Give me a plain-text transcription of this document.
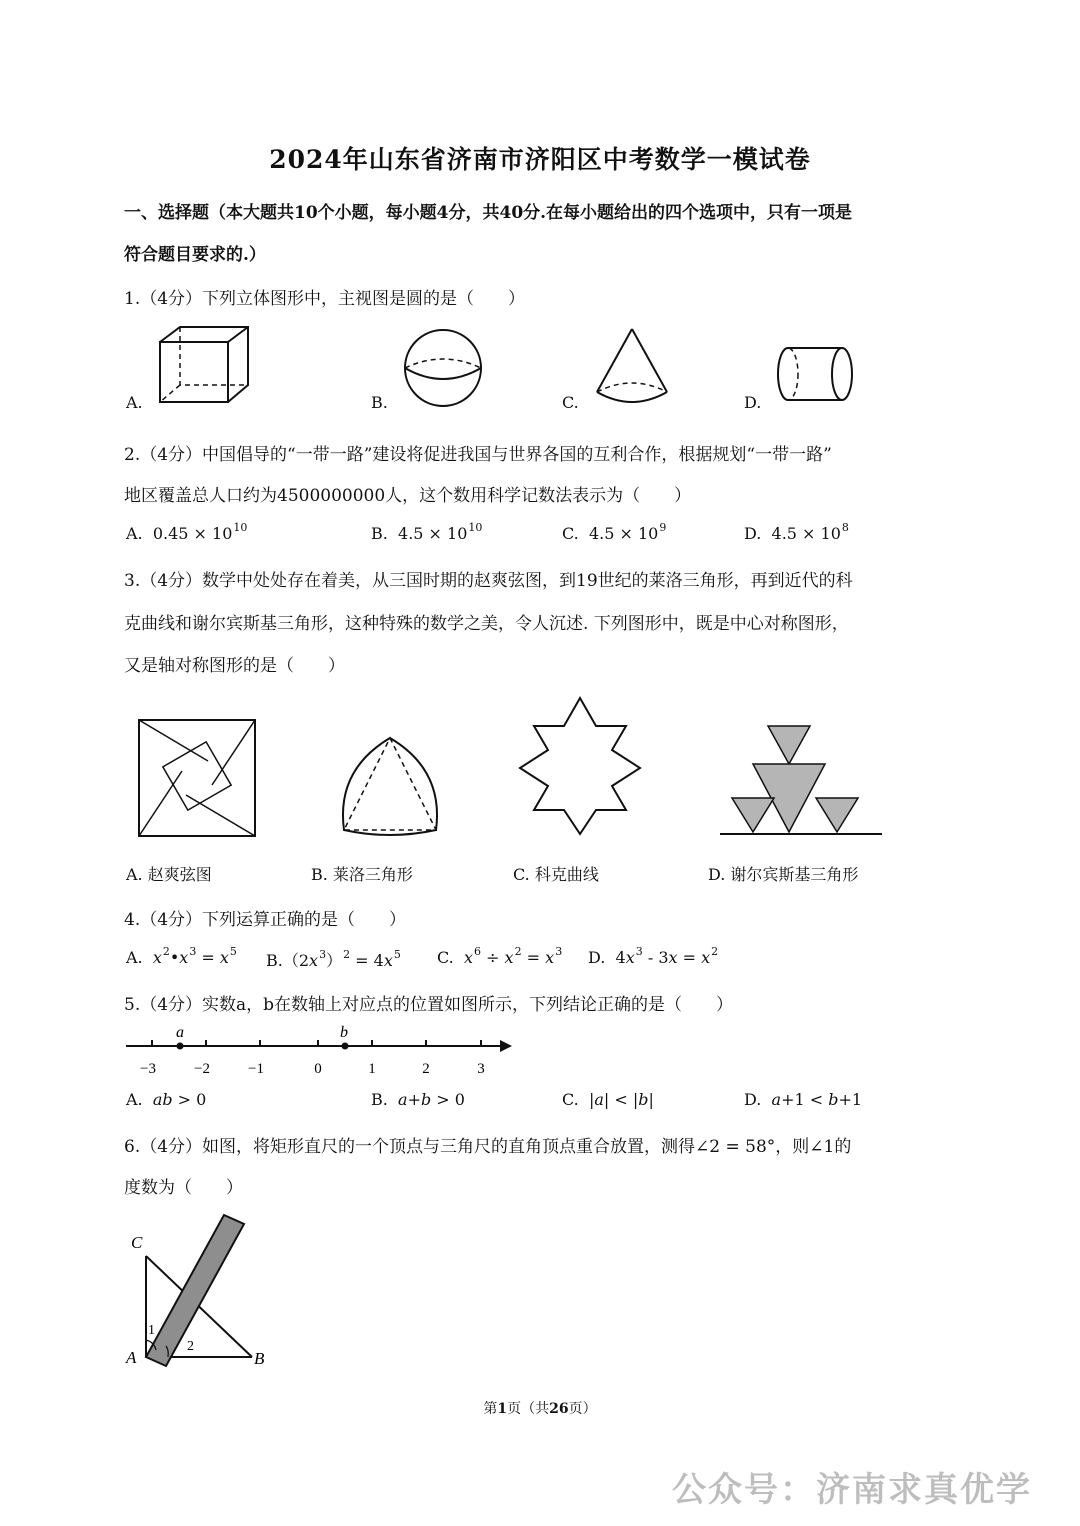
2024年山东省济南市济阳区中考数学一模试卷
一、选择题（本大题共10个小题，每小题4分，共40分.在每小题给出的四个选项中，只有一项是
符合题目要求的.）
1.（4分）下列立体图形中，主视图是圆的是（　　）
A.	B.	C.	D.
2.（4分）中国倡导的“一带一路”建设将促进我国与世界各国的互利合作，根据规划“一带一路”
地区覆盖总人口约为4500000000人，这个数用科学记数法表示为（　　）
A. $0.45 \times 10^{10}$	B. $4.5 \times 10^{10}$	C. $4.5 \times 10^9$	D. $4.5 \times 10^8$
3.（4分）数学中处处存在着美，从三国时期的赵爽弦图，到19世纪的莱洛三角形，再到近代的科
克曲线和谢尔宾斯基三角形，这种特殊的数学之美，令人沉述. 下列图形中，既是中心对称图形，
又是轴对称图形的是（　　）
A. 赵爽弦图	B. 莱洛三角形	C. 科克曲线	D. 谢尔宾斯基三角形
4.（4分）下列运算正确的是（　　）
A.  $x^2•x^3 = x^5$ $B.(2x^3)^2 = 4x^5$ C.  $x^6 \div x^2 = x^3$ D.  $4x^3 - 3x = x^2$
5.（4分）实数a，b在数轴上对应点的位置如图所示，下列结论正确的是（　　）
a	b
−3	−2	−1	0	1	2	3
A. ab > 0	B. a+b > 0	C.  |a| < |b|	D. a+1 < b+1
6.（4分）如图，将矩形直尺的一个顶点与三角尺的直角顶点重合放置，测得∠2 = 58°，则∠1的
度数为（　　）
C
A	B
1
2
第1页（共26页）
公众号：济南求真优学
